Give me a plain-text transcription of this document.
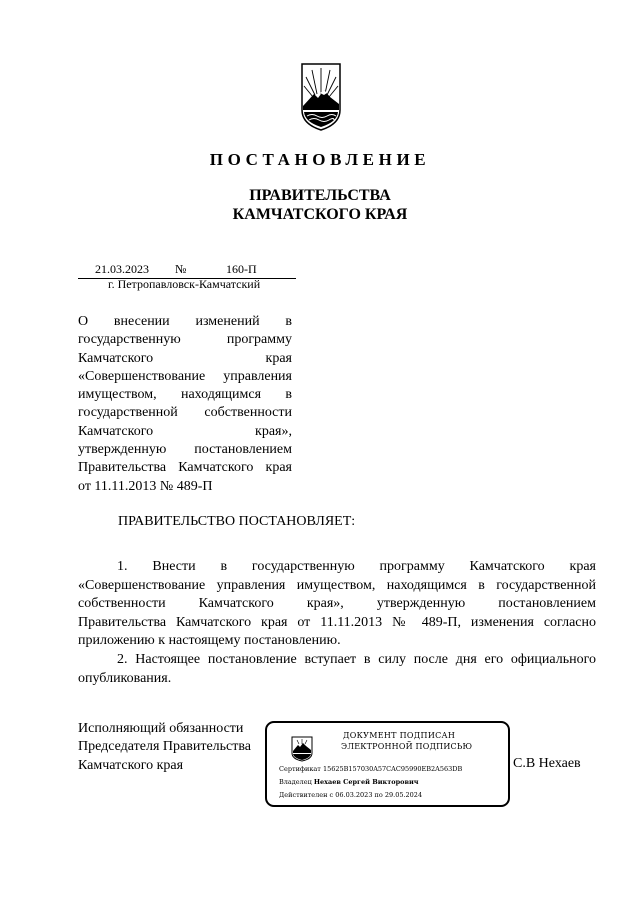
ПОСТАНОВЛЕНИЕ
ПРАВИТЕЛЬСТВА
КАМЧАТСКОГО КРАЯ
21.03.2023 №	160-П
г. Петропавловск-Камчатский
О внесении изменений в
государственную программу
Камчатского края
«Совершенствование управления
имуществом, находящимся в
государственной собственности
Камчатского края»,
утвержденную постановлением
Правительства Камчатского края
от 11.11.2013 № 489-П
ПРАВИТЕЛЬСТВО ПОСТАНОВЛЯЕТ:
1. Внести в государственную программу Камчатского края
«Совершенствование управления имуществом, находящимся в государственной
собственности Камчатского края», утвержденную постановлением
Правительства Камчатского края от 11.11.2013 № 489-П, изменения согласно
приложению к настоящему постановлению.
2. Настоящее постановление вступает в силу после дня его официального
опубликования.
Исполняющий обязанности
Председателя Правительства
Камчатского края
ДОКУМЕНТ ПОДПИСАН
ЭЛЕКТРОННОЙ ПОДПИСЬЮ
Сертификат 15625B157030A57CAC95990EB2A563DB
Владелец Нехаев Сергей Викторович
Действителен с 06.03.2023 по 29.05.2024
С.В Нехаев
